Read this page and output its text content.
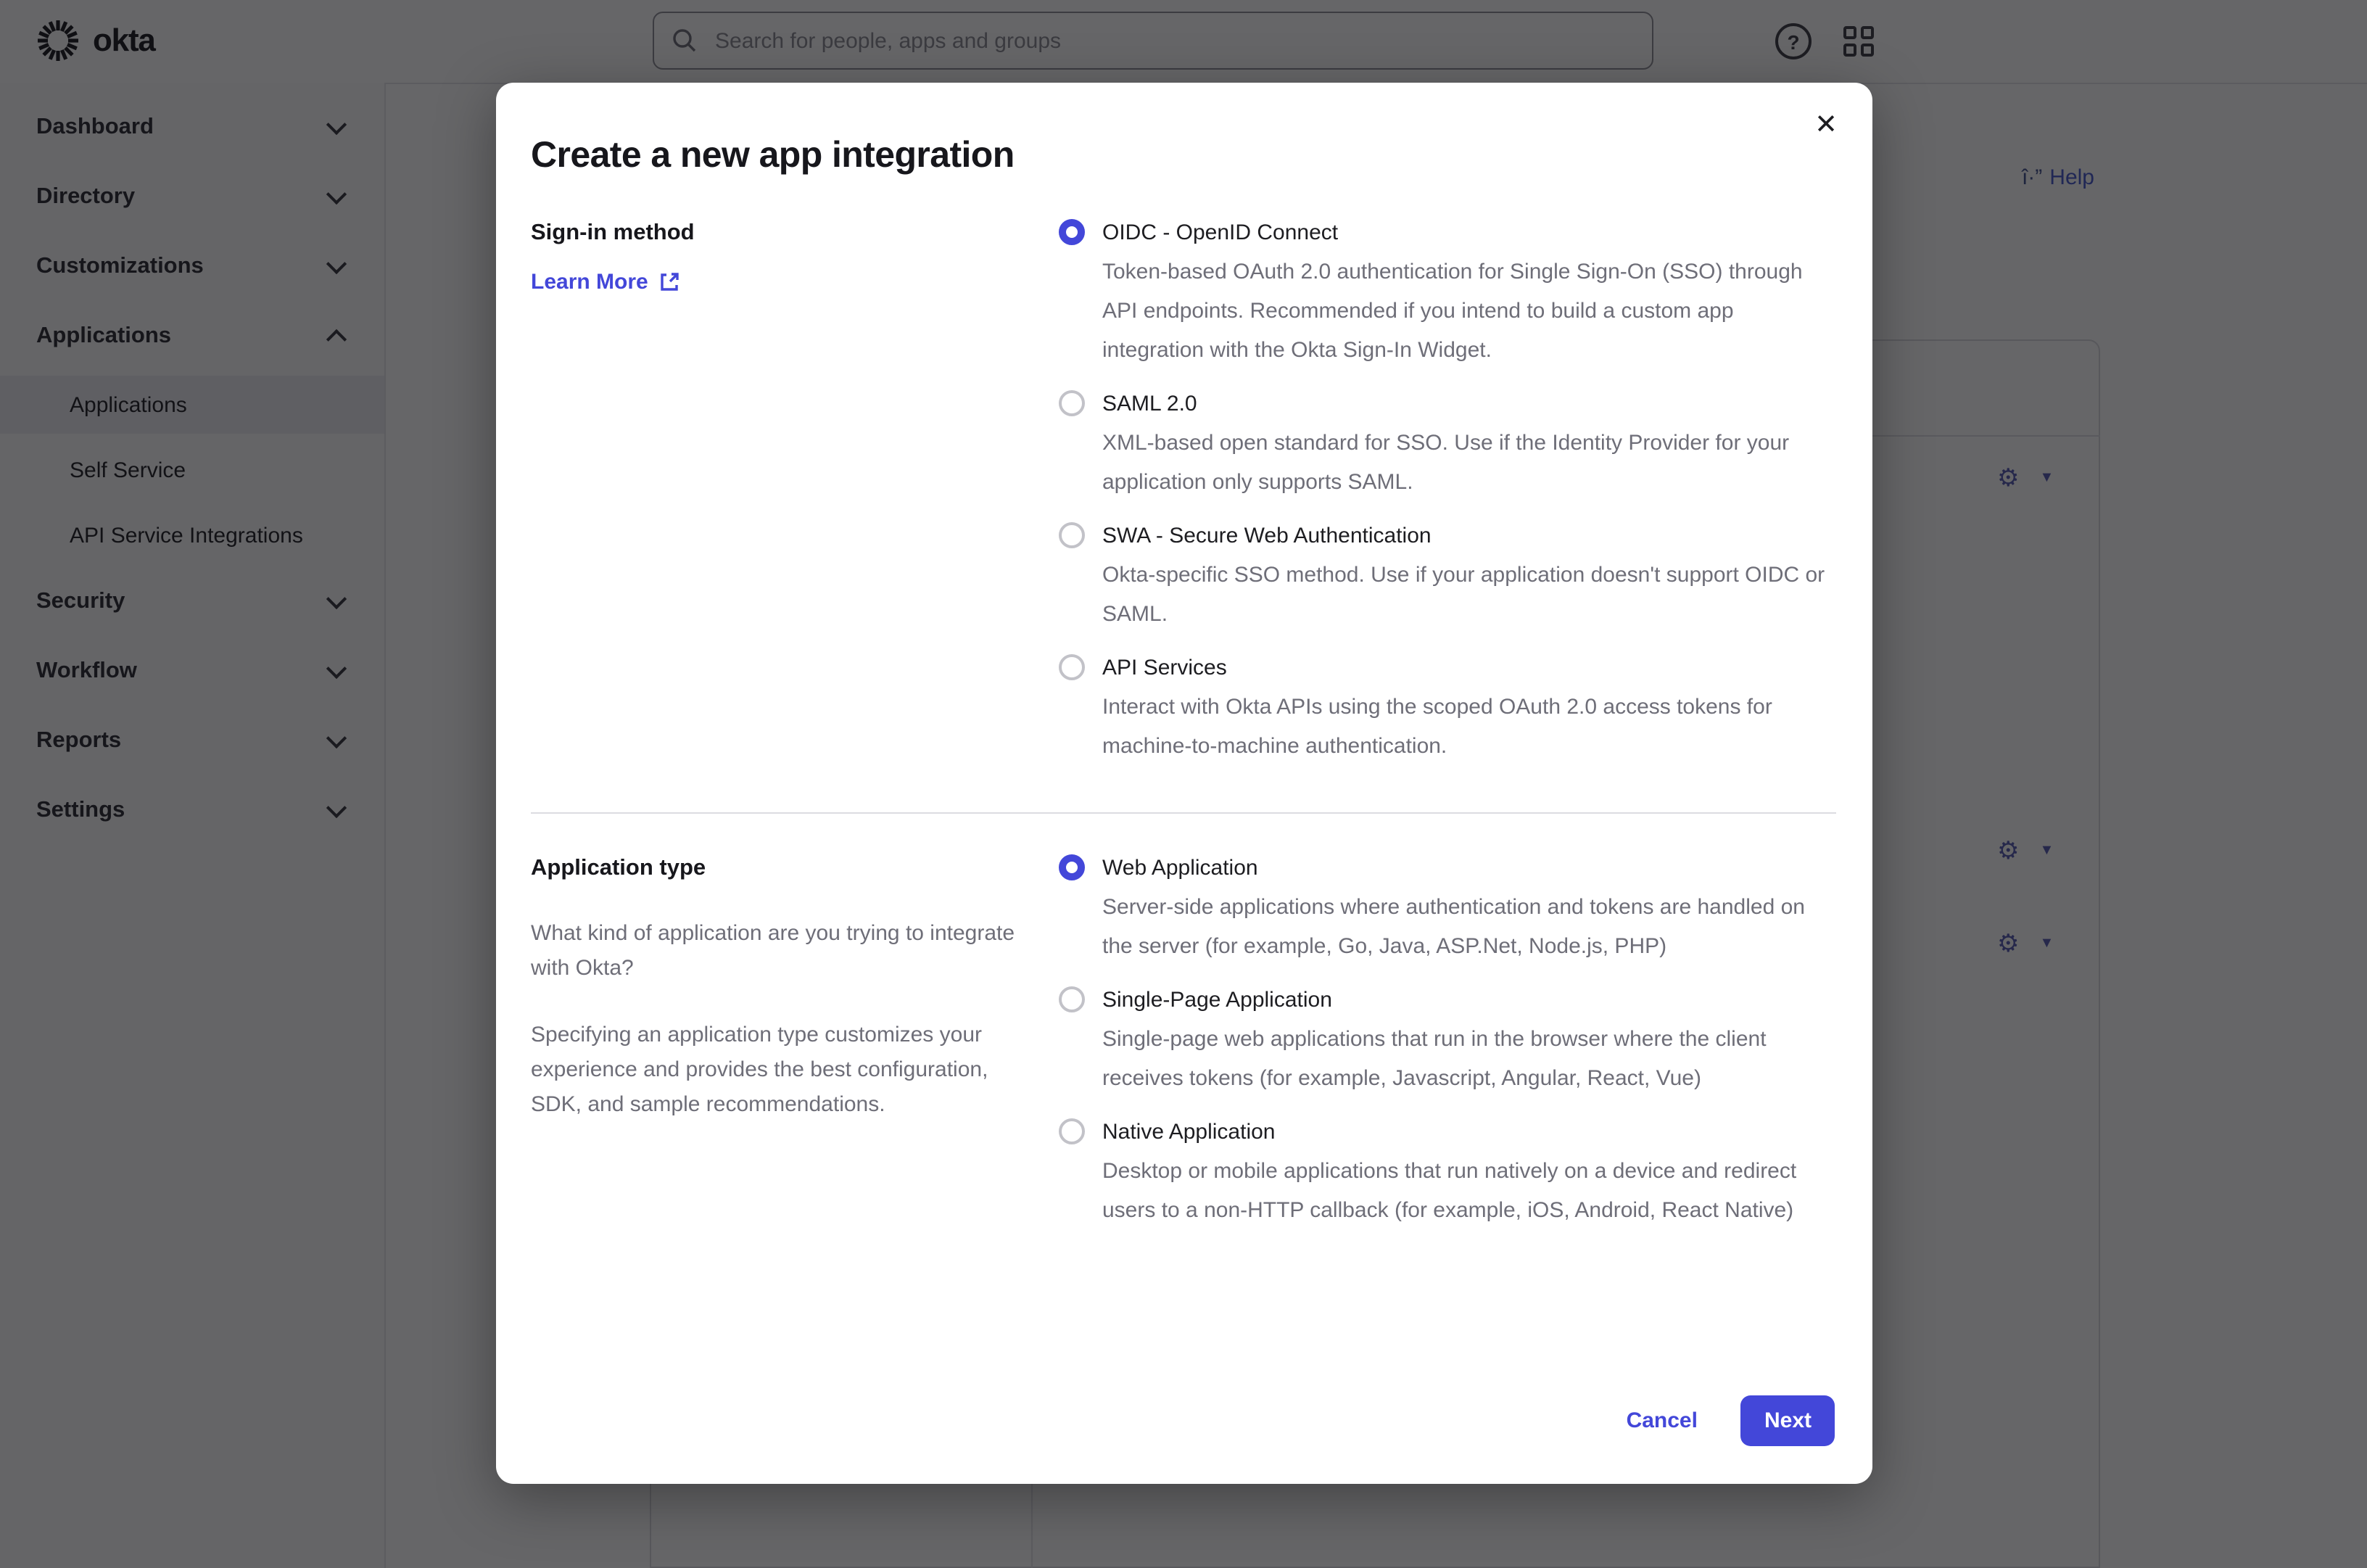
Search for people, apps and groups
✕
Create a new app integration
Sign-in method
Learn More
OIDC - OpenID Connect
Token-based OAuth 2.0 authentication for Single Sign-On (SSO) through API endpoints. Recommended if you intend to build a custom app integration with the Okta Sign-In Widget.
SAML 2.0
XML-based open standard for SSO. Use if the Identity Provider for your application only supports SAML.
SWA - Secure Web Authentication
Okta-specific SSO method. Use if your application doesn't support OIDC or SAML.
API Services
Interact with Okta APIs using the scoped OAuth 2.0 access tokens for machine-to-machine authentication.
Application type
What kind of application are you trying to integrate with Okta?
Specifying an application type customizes your experience and provides the best configuration, SDK, and sample recommendations.
Web Application
Server-side applications where authentication and tokens are handled on the server (for example, Go, Java, ASP.Net, Node.js, PHP)
Single-Page Application
Single-page web applications that run in the browser where the client receives tokens (for example, Javascript, Angular, React, Vue)
Native Application
Desktop or mobile applications that run natively on a device and redirect users to a non-HTTP callback (for example, iOS, Android, React Native)
Cancel	Next
